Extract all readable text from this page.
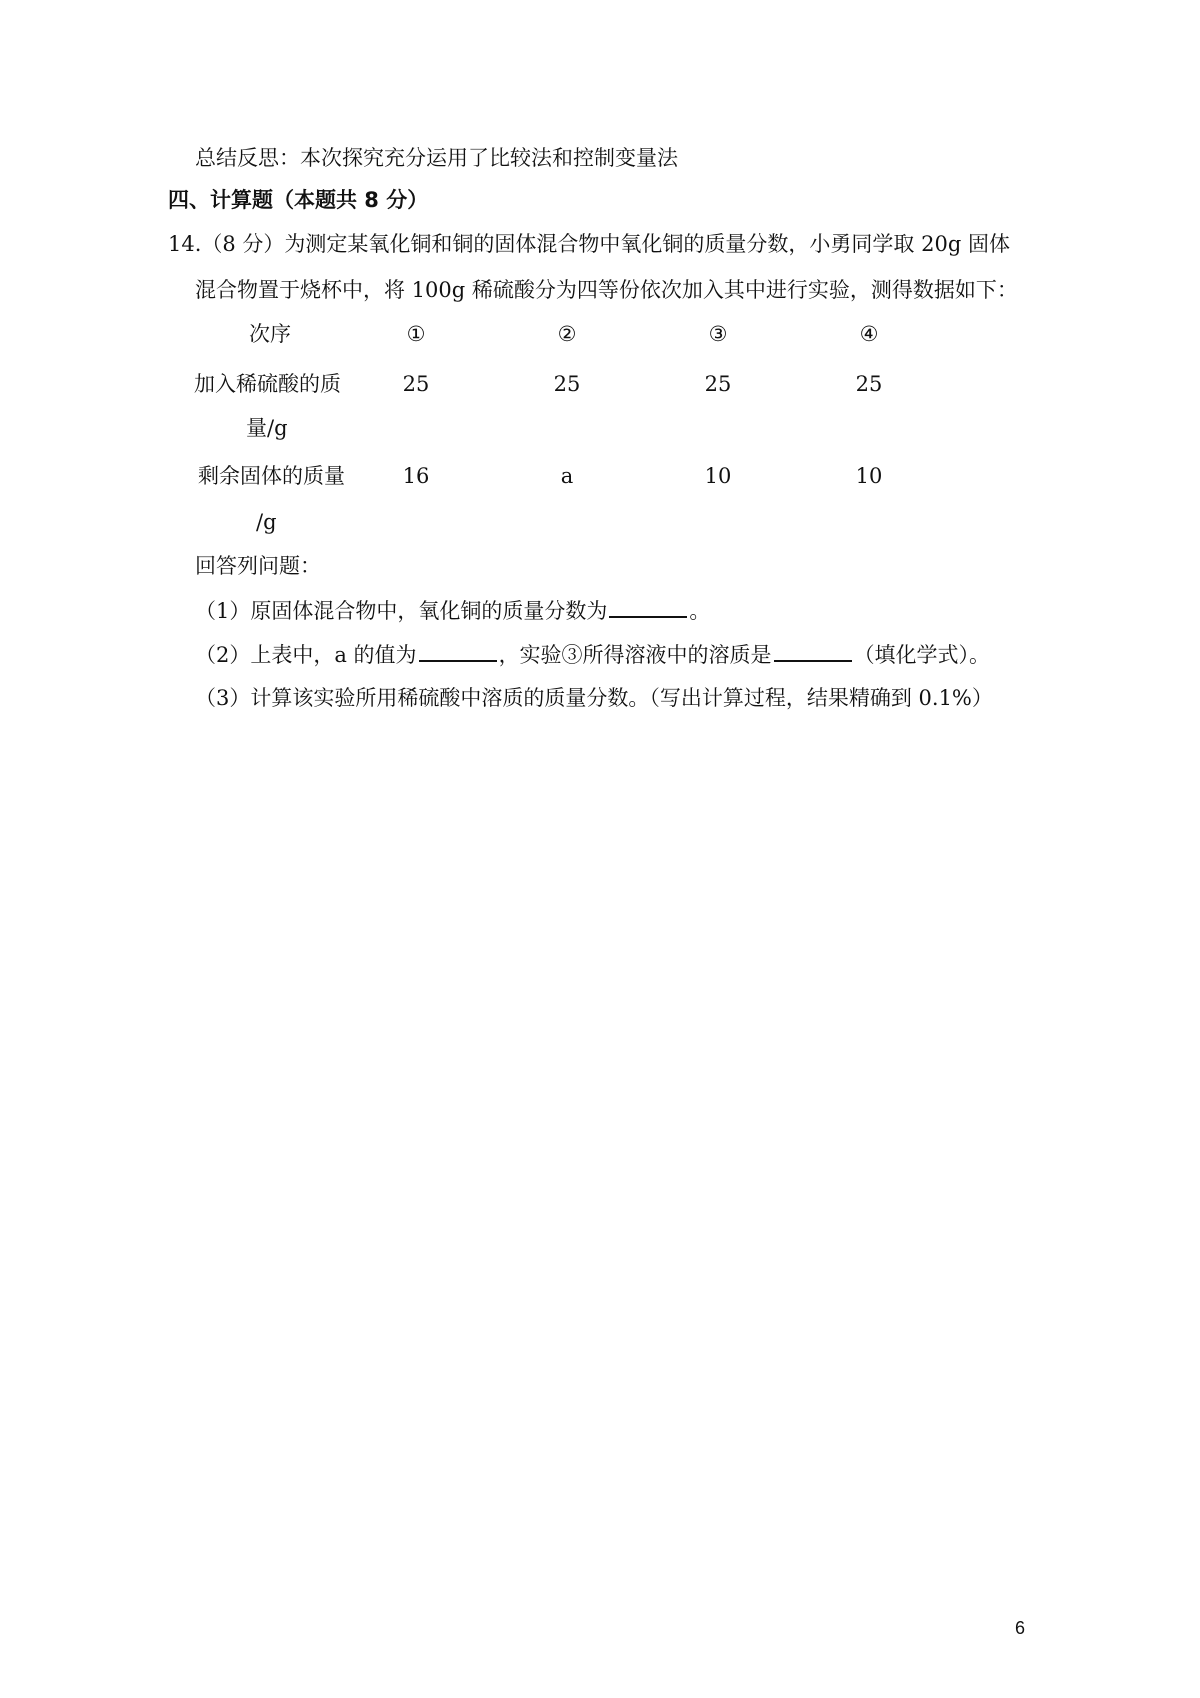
总结反思：本次探究充分运用了比较法和控制变量法
四、计算题（本题共 8 分）
14.（8 分）为测定某氧化铜和铜的固体混合物中氧化铜的质量分数，小勇同学取 20g 固体
混合物置于烧杯中，将 100g 稀硫酸分为四等份依次加入其中进行实验，测得数据如下：
次序	①	②	③	④
加入稀硫酸的质
量/g
25	25	25	25
剩余固体的质量
/g
16	a	10	10
回答列问题：
（1）原固体混合物中，氧化铜的质量分数为	。
（2）上表中，a 的值为	，实验③所得溶液中的溶质是	（填化学式）。
（3）计算该实验所用稀硫酸中溶质的质量分数。（写出计算过程，结果精确到 0.1%）
6
